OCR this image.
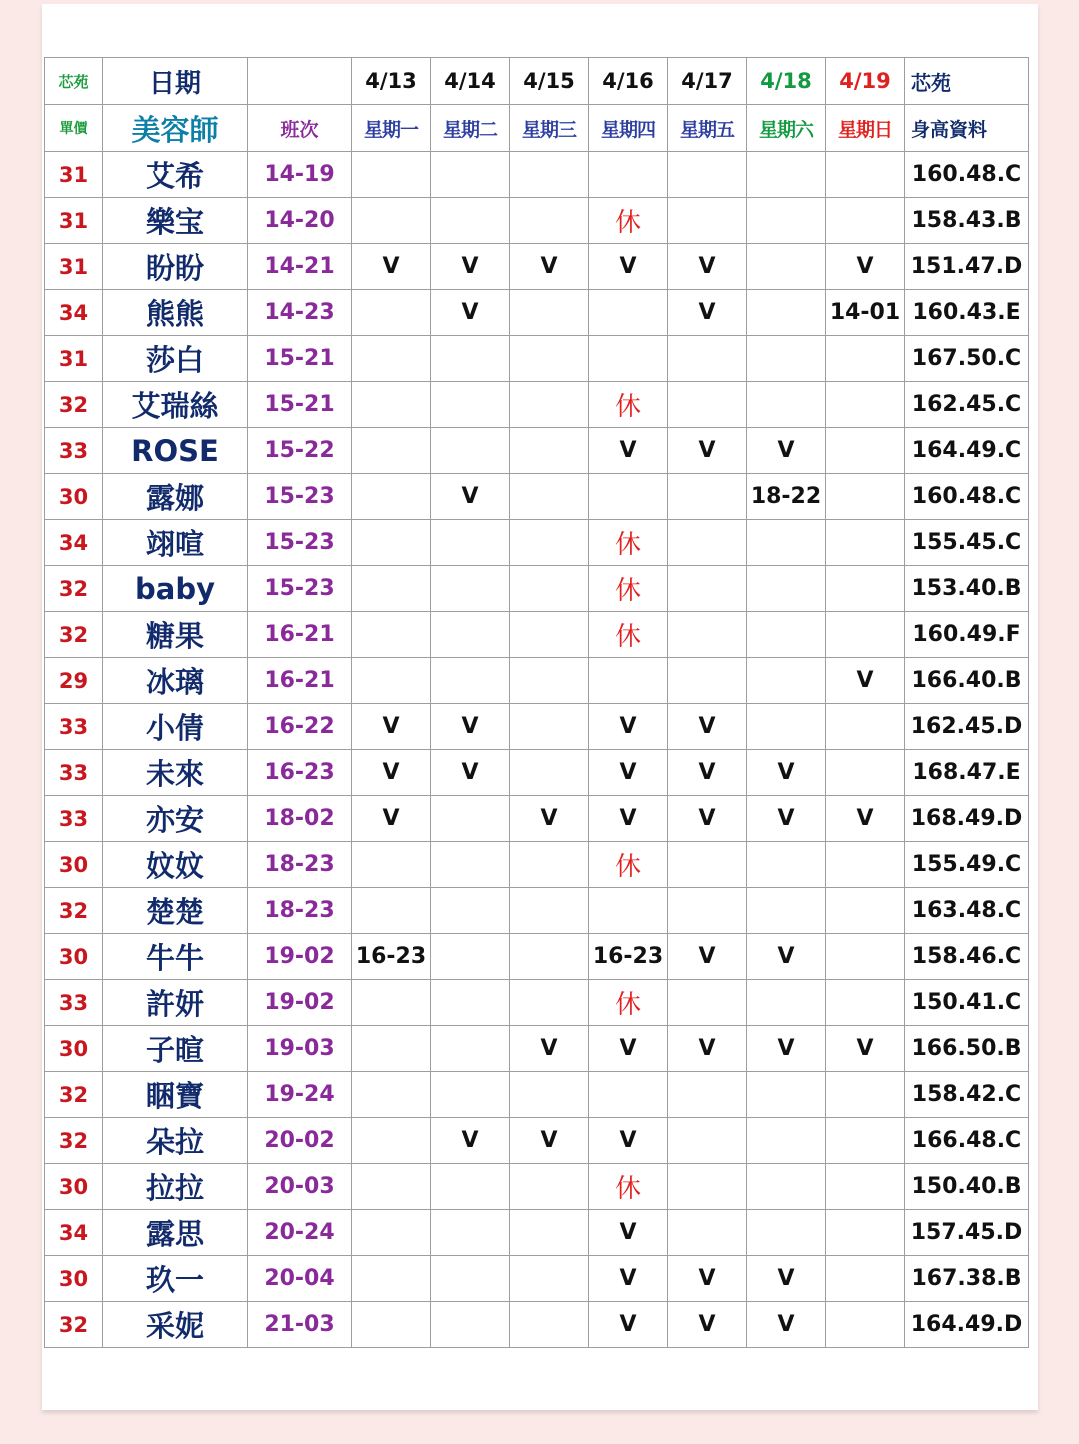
芯苑	日期		4/13	4/14	4/15	4/16	4/17	4/18	4/19	芯苑
單價	美容師	班次	星期一	星期二	星期三	星期四	星期五	星期六	星期日	身高資料
31	艾希	14-19								160.48.C
31	樂宝	14-20				休				158.43.B
31	盼盼	14-21	V	V	V	V	V		V	151.47.D
34	熊熊	14-23		V			V		14-01	160.43.E
31	莎白	15-21								167.50.C
32	艾瑞絲	15-21				休				162.45.C
33	ROSE	15-22				V	V	V		164.49.C
30	露娜	15-23		V				18-22		160.48.C
34	翊喧	15-23				休				155.45.C
32	baby	15-23				休				153.40.B
32	糖果	16-21				休				160.49.F
29	冰璃	16-21							V	166.40.B
33	小倩	16-22	V	V		V	V			162.45.D
33	未來	16-23	V	V		V	V	V		168.47.E
33	亦安	18-02	V		V	V	V	V	V	168.49.D
30	妏妏	18-23				休				155.49.C
32	楚楚	18-23								163.48.C
30	牛牛	19-02	16-23			16-23	V	V		158.46.C
33	許妍	19-02				休				150.41.C
30	子暄	19-03			V	V	V	V	V	166.50.B
32	睏寶	19-24								158.42.C
32	朵拉	20-02		V	V	V				166.48.C
30	拉拉	20-03				休				150.40.B
34	露思	20-24				V				157.45.D
30	玖一	20-04				V	V	V		167.38.B
32	采妮	21-03				V	V	V		164.49.D
